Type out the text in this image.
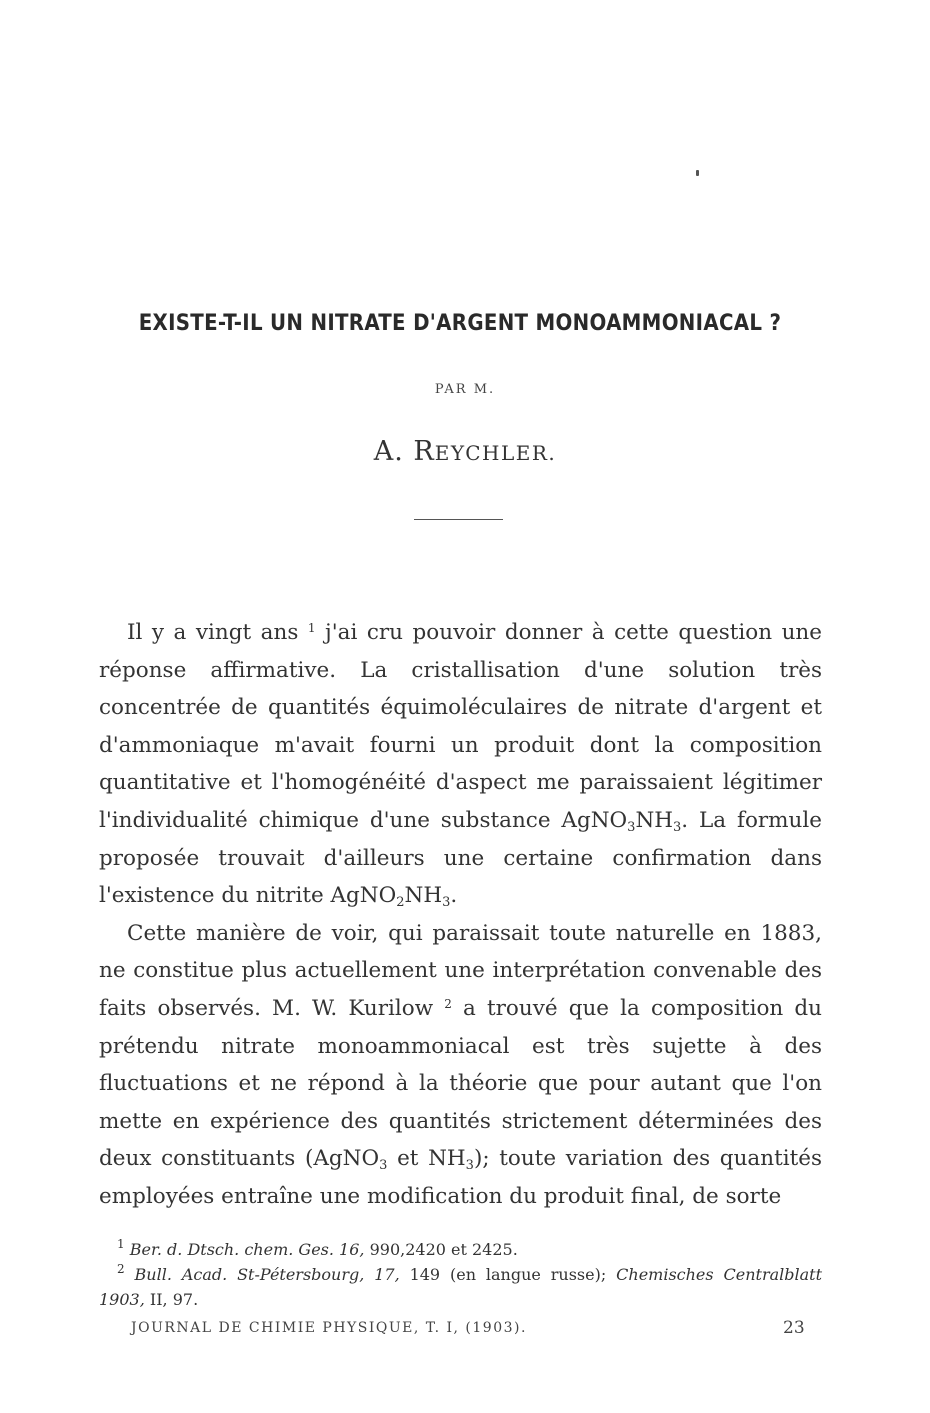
EXISTE-T-IL UN NITRATE D'ARGENT MONOAMMONIACAL ?
PAR M.
A. REYCHLER.

Il y a vingt ans $^1$ j'ai cru pouvoir donner à cette question une réponse affirmative. La cristallisation d'une solution très concentrée de quantités équimoléculaires de nitrate d'argent et d'ammoniaque m'avait fourni un produit dont la composition quantitative et l'homogénéité d'aspect me paraissaient légitimer l'individualité chimique d'une substance $AgNO_3NH_3$. La formule proposée trouvait d'ailleurs une certaine confirmation dans l'existence du nitrite $AgNO_2NH_3$.

Cette manière de voir, qui paraissait toute naturelle en 1883, ne constitue plus actuellement une interprétation convenable des faits observés. M. W. Kurilow $^2$ a trouvé que la composition du prétendu nitrate monoammoniacal est très sujette à des fluctuations et ne répond à la théorie que pour autant que l'on mette en expérience des quantités strictement déterminées des deux constituants (AgNO$_3$ et $NH_3$); toute variation des quantités employées entraîne une modification du produit final, de sorte

$^1$ Ber. d. Dtsch. chem. Ges. 16, 990,2420 et 2425.
$^2$ Bull. Acad. St-Pétersbourg, 17, 149 (en langue russe); Chemisches Centralblatt 1903, II, 97.
JOURNAL DE CHIMIE PHYSIQUE, T. I, (1903).	23
